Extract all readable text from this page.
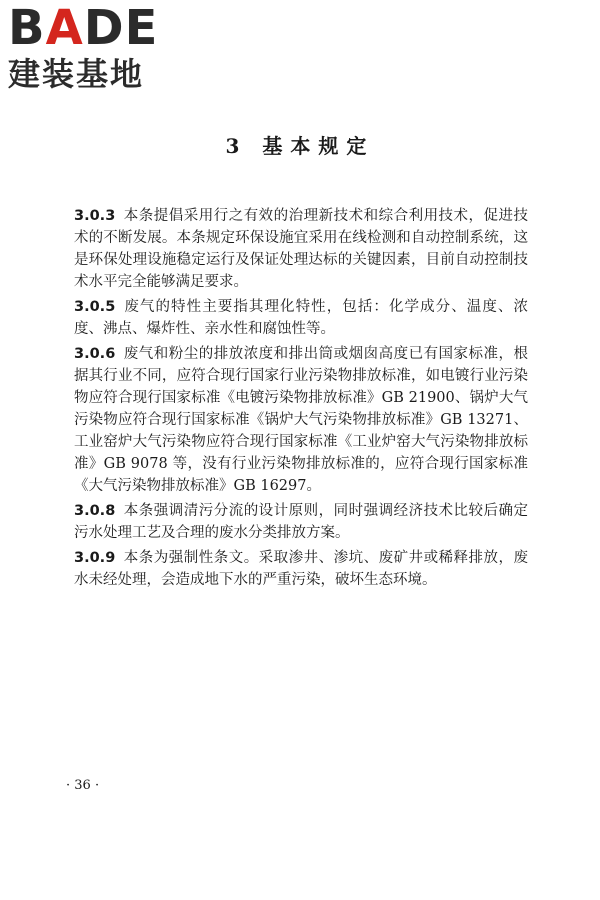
BADE
建装基地
3 基本规定

3.0.3 本条提倡采用行之有效的治理新技术和综合利用技术，促进技术的不断发展。本条规定环保设施宜采用在线检测和自动控制系统，这是环保处理设施稳定运行及保证处理达标的关键因素，目前自动控制技术水平完全能够满足要求。

3.0.5 废气的特性主要指其理化特性，包括：化学成分、温度、浓度、沸点、爆炸性、亲水性和腐蚀性等。

3.0.6 废气和粉尘的排放浓度和排出筒或烟囱高度已有国家标准，根据其行业不同，应符合现行国家行业污染物排放标准，如电镀行业污染物应符合现行国家标准《电镀污染物排放标准》GB 21900、锅炉大气污染物应符合现行国家标准《锅炉大气污染物排放标准》GB 13271、工业窑炉大气污染物应符合现行国家标准《工业炉窑大气污染物排放标准》GB 9078 等，没有行业污染物排放标准的，应符合现行国家标准《大气污染物排放标准》GB 16297。

3.0.8 本条强调清污分流的设计原则，同时强调经济技术比较后确定污水处理工艺及合理的废水分类排放方案。

3.0.9 本条为强制性条文。采取渗井、渗坑、废矿井或稀释排放，废水未经处理，会造成地下水的严重污染，破坏生态环境。

· 36 ·
